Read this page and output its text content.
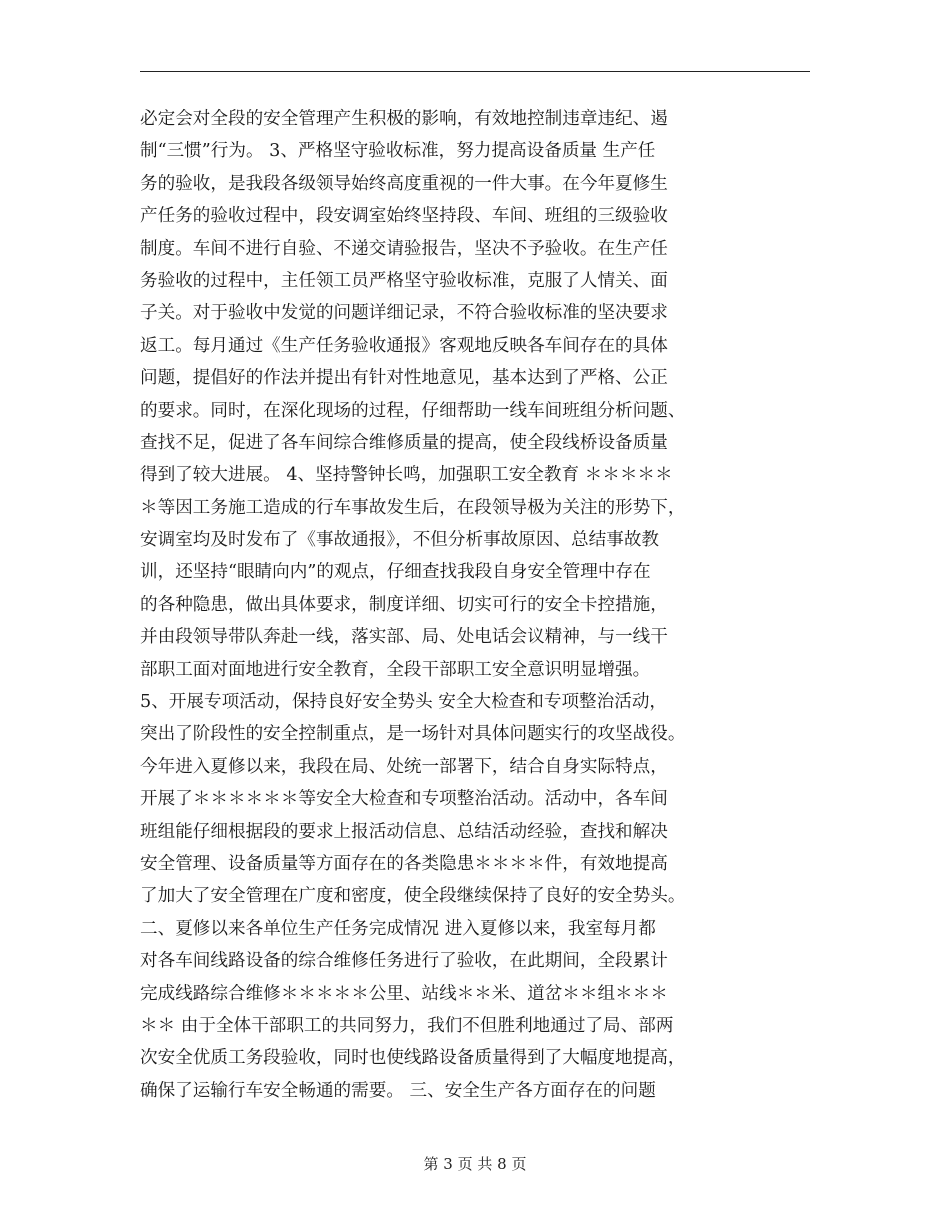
必定会对全段的安全管理产生积极的影响，有效地控制违章违纪、遏
制“三惯”行为。 3、严格坚守验收标准，努力提高设备质量 生产任
务的验收，是我段各级领导始终高度重视的一件大事。在今年夏修生
产任务的验收过程中，段安调室始终坚持段、车间、班组的三级验收
制度。车间不进行自验、不递交请验报告，坚决不予验收。在生产任
务验收的过程中，主任领工员严格坚守验收标准，克服了人情关、面
子关。对于验收中发觉的问题详细记录，不符合验收标准的坚决要求
返工。每月通过《生产任务验收通报》客观地反映各车间存在的具体
问题，提倡好的作法并提出有针对性地意见，基本达到了严格、公正
的要求。同时，在深化现场的过程，仔细帮助一线车间班组分析问题、
查找不足，促进了各车间综合维修质量的提高，使全段线桥设备质量
得到了较大进展。 4、坚持警钟长鸣，加强职工安全教育 ＊＊＊＊＊
＊等因工务施工造成的行车事故发生后，在段领导极为关注的形势下，
安调室均及时发布了《事故通报》，不但分析事故原因、总结事故教
训，还坚持“眼睛向内”的观点，仔细查找我段自身安全管理中存在
的各种隐患，做出具体要求，制度详细、切实可行的安全卡控措施，
并由段领导带队奔赴一线，落实部、局、处电话会议精神，与一线干
部职工面对面地进行安全教育，全段干部职工安全意识明显增强。
5、开展专项活动，保持良好安全势头 安全大检查和专项整治活动，
突出了阶段性的安全控制重点，是一场针对具体问题实行的攻坚战役。
今年进入夏修以来，我段在局、处统一部署下，结合自身实际特点，
开展了＊＊＊＊＊＊等安全大检查和专项整治活动。活动中，各车间
班组能仔细根据段的要求上报活动信息、总结活动经验，查找和解决
安全管理、设备质量等方面存在的各类隐患＊＊＊＊件，有效地提高
了加大了安全管理在广度和密度，使全段继续保持了良好的安全势头。
二、夏修以来各单位生产任务完成情况 进入夏修以来，我室每月都
对各车间线路设备的综合维修任务进行了验收，在此期间，全段累计
完成线路综合维修＊＊＊＊＊公里、站线＊＊米、道岔＊＊组＊＊＊
＊＊ 由于全体干部职工的共同努力，我们不但胜利地通过了局、部两
次安全优质工务段验收，同时也使线路设备质量得到了大幅度地提高，
确保了运输行车安全畅通的需要。 三、安全生产各方面存在的问题
第 3 页 共 8 页
